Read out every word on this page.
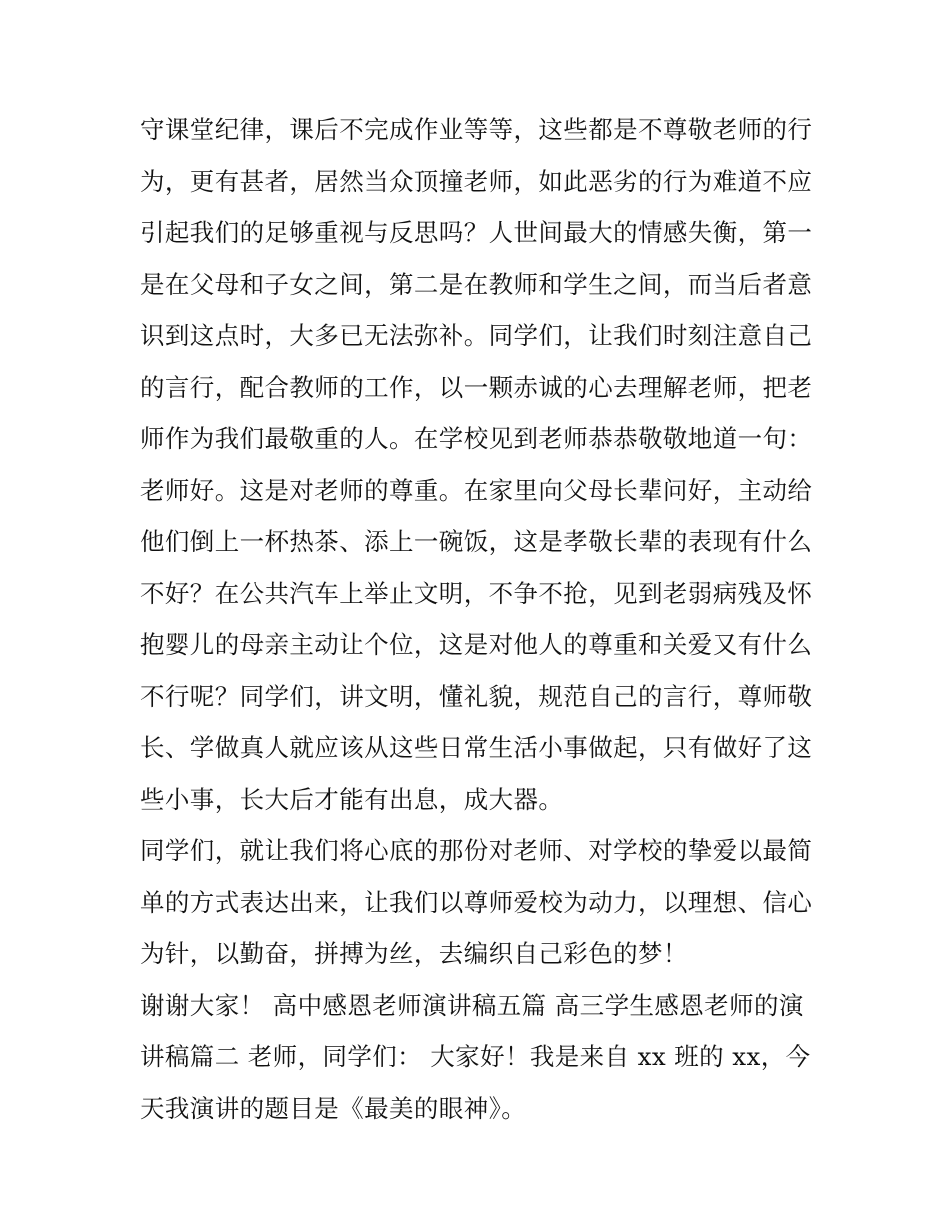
守课堂纪律，课后不完成作业等等，这些都是不尊敬老师的行
为，更有甚者，居然当众顶撞老师，如此恶劣的行为难道不应
引起我们的足够重视与反思吗？人世间最大的情感失衡，第一
是在父母和子女之间，第二是在教师和学生之间，而当后者意
识到这点时，大多已无法弥补。同学们，让我们时刻注意自己
的言行，配合教师的工作，以一颗赤诚的心去理解老师，把老
师作为我们最敬重的人。在学校见到老师恭恭敬敬地道一句：
老师好。这是对老师的尊重。在家里向父母长辈问好，主动给
他们倒上一杯热茶、添上一碗饭，这是孝敬长辈的表现有什么
不好？在公共汽车上举止文明，不争不抢，见到老弱病残及怀
抱婴儿的母亲主动让个位，这是对他人的尊重和关爱又有什么
不行呢？同学们，讲文明，懂礼貌，规范自己的言行，尊师敬
长、学做真人就应该从这些日常生活小事做起，只有做好了这
些小事，长大后才能有出息，成大器。
同学们，就让我们将心底的那份对老师、对学校的挚爱以最简
单的方式表达出来，让我们以尊师爱校为动力，以理想、信心
为针，以勤奋，拼搏为丝，去编织自己彩色的梦！
谢谢大家！ 高中感恩老师演讲稿五篇 高三学生感恩老师的演
讲稿篇二 老师，同学们： 大家好！我是来自 xx 班的 xx，今
天我演讲的题目是《最美的眼神》。
